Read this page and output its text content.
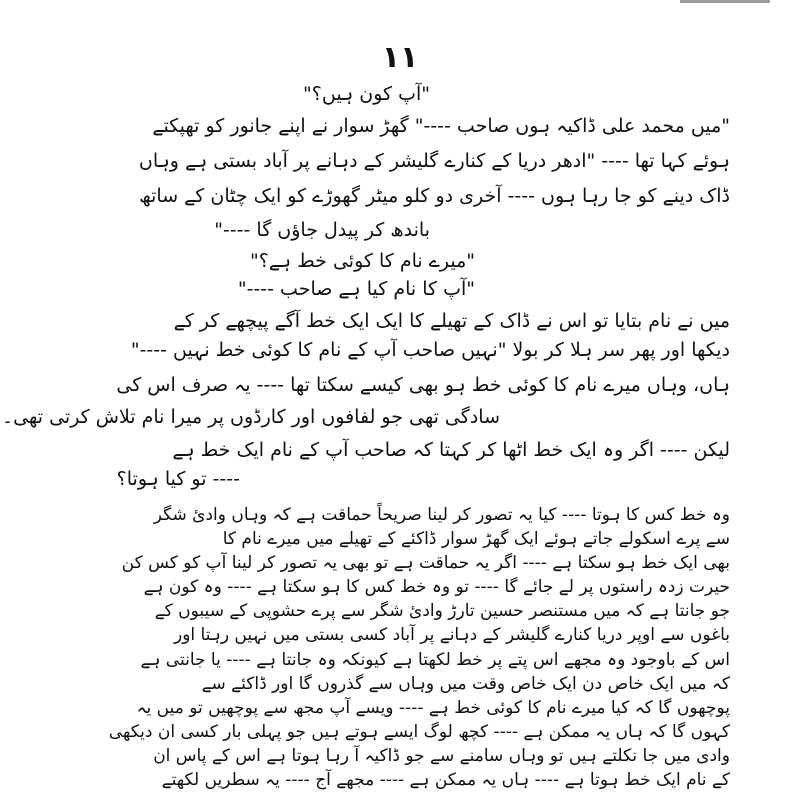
١١
"آپ کون ہیں؟"
"میں محمد علی ڈاکیہ ہوں صاحب ----" گھڑ سوار نے اپنے جانور کو تھپکتے
ہوئے کہا تھا ---- "ادھر دریا کے کنارے گلیشر کے دہانے پر آباد بستی ہے وہاں
ڈاک دینے کو جا رہا ہوں ---- آخری دو کلو میٹر گھوڑے کو ایک چٹان کے ساتھ
باندھ کر پیدل جاؤں گا ----"
"میرے نام کا کوئی خط ہے؟"
"آپ کا نام کیا ہے صاحب ----"
میں نے نام بتایا تو اس نے ڈاک کے تھیلے کا ایک ایک خط آگے پیچھے کر کے
دیکھا اور پھر سر ہلا کر بولا "نہیں صاحب آپ کے نام کا کوئی خط نہیں ----"
ہاں، وہاں میرے نام کا کوئی خط ہو بھی کیسے سکتا تھا ---- یہ صرف اس کی
سادگی تھی جو لفافوں اور کارڈوں پر میرا نام تلاش کرتی تھی۔
لیکن ---- اگر وہ ایک خط اٹھا کر کہتا کہ صاحب آپ کے نام ایک خط ہے
---- تو کیا ہوتا؟
وہ خط کس کا ہوتا ---- کیا یہ تصور کر لینا صریحاً حماقت ہے کہ وہاں وادئ شگر
سے پرے اسکولے جاتے ہوئے ایک گھڑ سوار ڈاکئے کے تھیلے میں میرے نام کا
بھی ایک خط ہو سکتا ہے ---- اگر یہ حماقت ہے تو بھی یہ تصور کر لینا آپ کو کس کن
حیرت زدہ راستوں پر لے جائے گا ---- تو وہ خط کس کا ہو سکتا ہے ---- وہ کون ہے
جو جانتا ہے کہ میں مستنصر حسین تارڑ وادئ شگر سے پرے حشوپی کے سیبوں کے
باغوں سے اوپر دریا کنارے گلیشر کے دہانے پر آباد کسی بستی میں نہیں رہتا اور
اس کے باوجود وہ مجھے اس پتے پر خط لکھتا ہے کیونکہ وہ جانتا ہے ---- یا جانتی ہے
کہ میں ایک خاص دن ایک خاص وقت میں وہاں سے گذروں گا اور ڈاکئے سے
پوچھوں گا کہ کیا میرے نام کا کوئی خط ہے ---- ویسے آپ مجھ سے پوچھیں تو میں یہ
کہوں گا کہ ہاں یہ ممکن ہے ---- کچھ لوگ ایسے ہوتے ہیں جو پہلی بار کسی ان دیکھی
وادی میں جا نکلتے ہیں تو وہاں سامنے سے جو ڈاکیہ آ رہا ہوتا ہے اس کے پاس ان
کے نام ایک خط ہوتا ہے ---- ہاں یہ ممکن ہے ---- مجھے آج ---- یہ سطریں لکھتے
